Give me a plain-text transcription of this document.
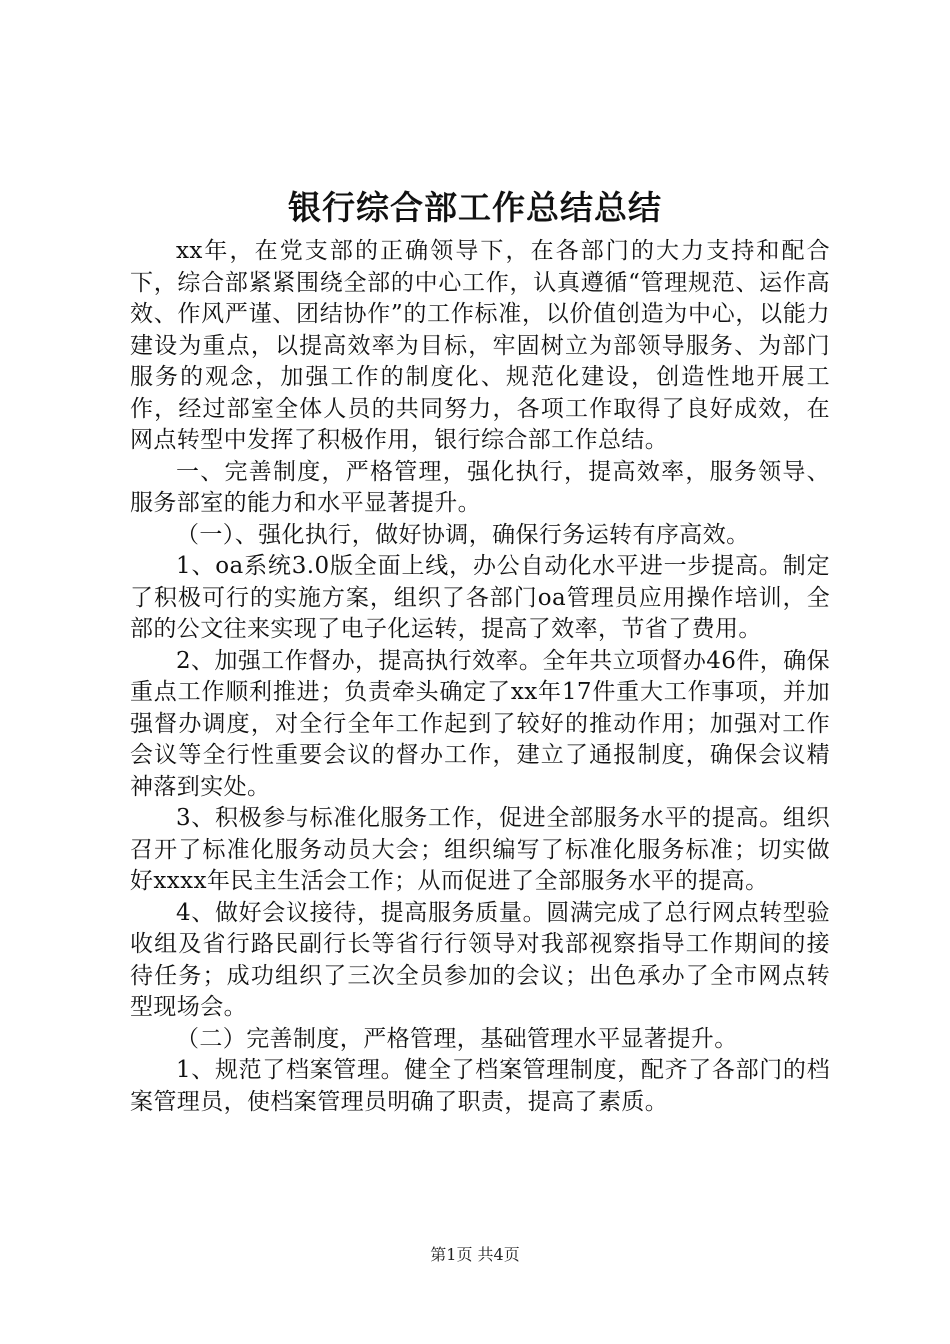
银行综合部工作总结总结

xx年，在党支部的正确领导下，在各部门的大力支持和配合下，综合部紧紧围绕全部的中心工作，认真遵循“管理规范、运作高效、作风严谨、团结协作”的工作标准，以价值创造为中心，以能力建设为重点，以提高效率为目标，牢固树立为部领导服务、为部门服务的观念，加强工作的制度化、规范化建设，创造性地开展工作，经过部室全体人员的共同努力，各项工作取得了良好成效，在网点转型中发挥了积极作用，银行综合部工作总结。

一、完善制度，严格管理，强化执行，提高效率，服务领导、服务部室的能力和水平显著提升。

（一）、强化执行，做好协调，确保行务运转有序高效。

1、oa系统3.0版全面上线，办公自动化水平进一步提高。制定了积极可行的实施方案，组织了各部门oa管理员应用操作培训，全部的公文往来实现了电子化运转，提高了效率，节省了费用。

2、加强工作督办，提高执行效率。全年共立项督办46件，确保重点工作顺利推进；负责牵头确定了xx年17件重大工作事项，并加强督办调度，对全行全年工作起到了较好的推动作用；加强对工作会议等全行性重要会议的督办工作，建立了通报制度，确保会议精神落到实处。

3、积极参与标准化服务工作，促进全部服务水平的提高。组织召开了标准化服务动员大会；组织编写了标准化服务标准；切实做好xxxx年民主生活会工作；从而促进了全部服务水平的提高。

4、做好会议接待，提高服务质量。圆满完成了总行网点转型验收组及省行路民副行长等省行行领导对我部视察指导工作期间的接待任务；成功组织了三次全员参加的会议；出色承办了全市网点转型现场会。

（二）完善制度，严格管理，基础管理水平显著提升。

1、规范了档案管理。健全了档案管理制度，配齐了各部门的档案管理员，使档案管理员明确了职责，提高了素质。

第1页 共4页
